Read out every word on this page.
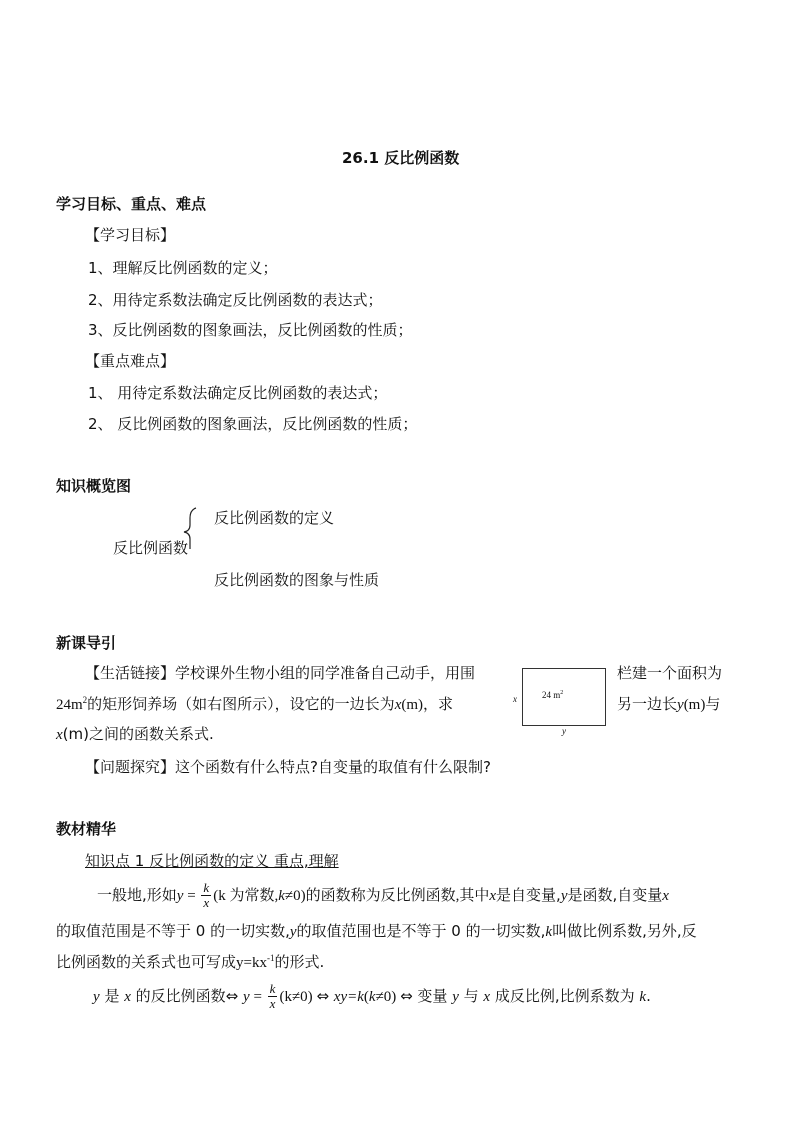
26.1 反比例函数
学习目标、重点、难点
【学习目标】
1、理解反比例函数的定义；
2、用待定系数法确定反比例函数的表达式；
3、反比例函数的图象画法，反比例函数的性质；
【重点难点】
1、 用待定系数法确定反比例函数的表达式；
2、 反比例函数的图象画法，反比例函数的性质；
知识概览图
反比例函数
反比例函数的定义
反比例函数的图象与性质
新课导引
【生活链接】学校课外生物小组的同学准备自己动手，用围	栏建一个面积为
$24m^2$的矩形饲养场（如右图所示），设它的一边长为x(m)，求	另一边长y(m)与
x(m)之间的函数关系式.
24 $m^2$
x
y
【问题探究】这个函数有什么特点?自变量的取值有什么限制?
教材精华
知识点 1 反比例函数的定义 重点,理解
一般地,形如$y = \frac{k}{x} (k$ 为常数,k≠0)的函数称为反比例函数,其中x是自变量,y是函数,自变量x
的取值范围是不等于 0 的一切实数,y的取值范围也是不等于 0 的一切实数,k叫做比例系数,另外,反
比例函数的关系式也可写成$y=kx^{-1}$的形式.
y 是 x 的反比例函数⇔ $y = \frac{k}{x} (k\ne 0)$ ⇔ xy=k(k≠0) ⇔ 变量 y 与 x 成反比例,比例系数为 k.
